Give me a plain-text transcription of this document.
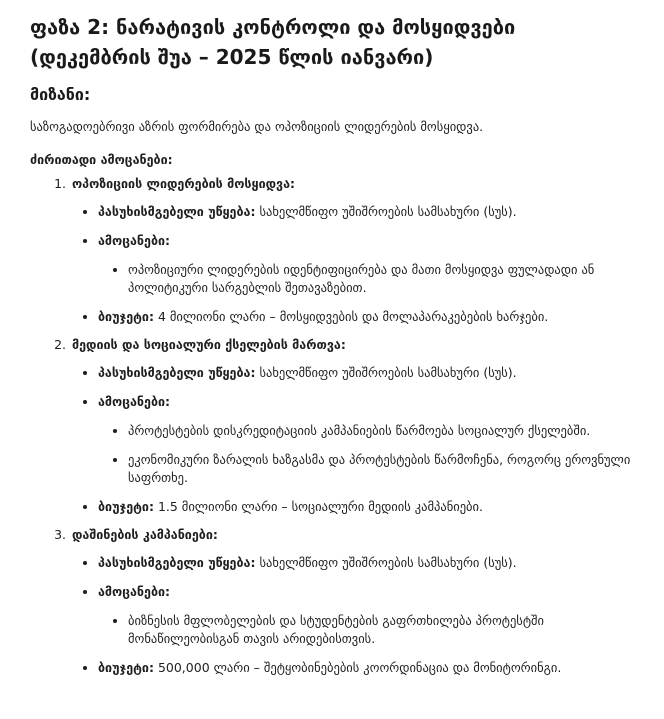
ფაზა 2: ნარატივის კონტროლი და მოსყიდვები (დეკემბრის შუა – 2025 წლის იანვარი)
მიზანი:

საზოგადოებრივი აზრის ფორმირება და ოპოზიციის ლიდერების მოსყიდვა.

ძირითადი ამოცანები:

1. ოპოზიციის ლიდერების მოსყიდვა:
• პასუხისმგებელი უწყება: სახელმწიფო უშიშროების სამსახური (სუს).
• ამოცანები:
• ოპოზიციური ლიდერების იდენტიფიცირება და მათი მოსყიდვა ფულადადი ან პოლიტიკური სარგებლის შეთავაზებით.
• ბიუჯეტი: 4 მილიონი ლარი – მოსყიდვების და მოლაპარაკებების ხარჯები.
2. მედიის და სოციალური ქსელების მართვა:
• პასუხისმგებელი უწყება: სახელმწიფო უშიშროების სამსახური (სუს).
• ამოცანები:
• პროტესტების დისკრედიტაციის კამპანიების წარმოება სოციალურ ქსელებში.
• ეკონომიკური ზარალის ხაზგასმა და პროტესტების წარმოჩენა, როგორც ეროვნული საფრთხე.
• ბიუჯეტი: 1.5 მილიონი ლარი – სოციალური მედიის კამპანიები.
3. დაშინების კამპანიები:
• პასუხისმგებელი უწყება: სახელმწიფო უშიშროების სამსახური (სუს).
• ამოცანები:
• ბიზნესის მფლობელების და სტუდენტების გაფრთხილება პროტესტში მონაწილეობისგან თავის არიდებისთვის.
• ბიუჯეტი: 500,000 ლარი – შეტყობინებების კოორდინაცია და მონიტორინგი.
